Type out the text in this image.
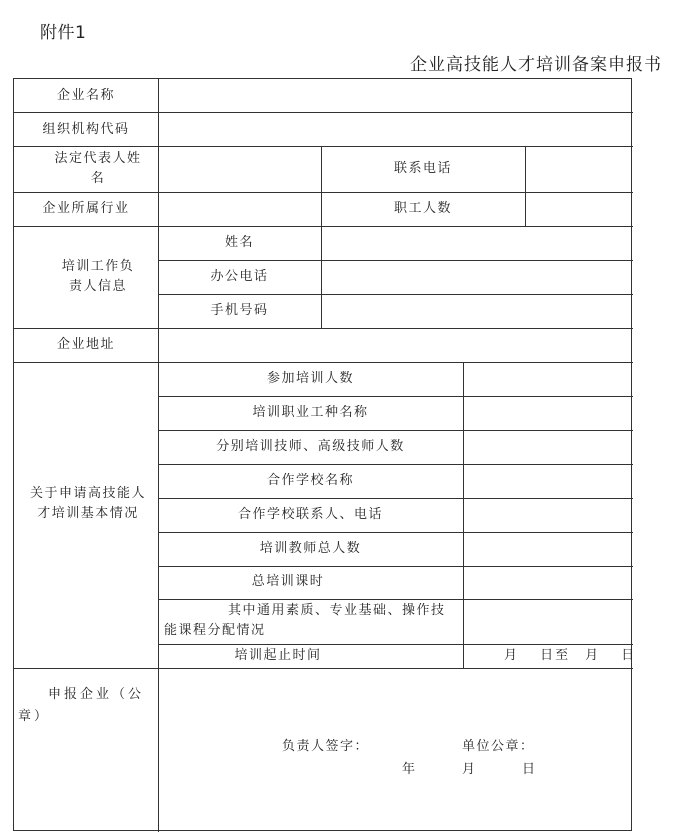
附件1
企业高技能人才培训备案申报书
企业名称
组织机构代码
法定代表人姓名
企业所属行业
培训工作负责人信息
企业地址
关于申请高技能人才培训基本情况
申报企业（公章）
联系电话
职工人数
姓名
办公电话
手机号码
参加培训人数
培训职业工种名称
分别培训技师、高级技师人数
合作学校名称
合作学校联系人、电话
培训教师总人数
总培训课时
其中通用素质、专业基础、操作技能课程分配情况
培训起止时间	月　 日至　月　 日
负责人签字：	单位公章：
年　　　月　　　日
